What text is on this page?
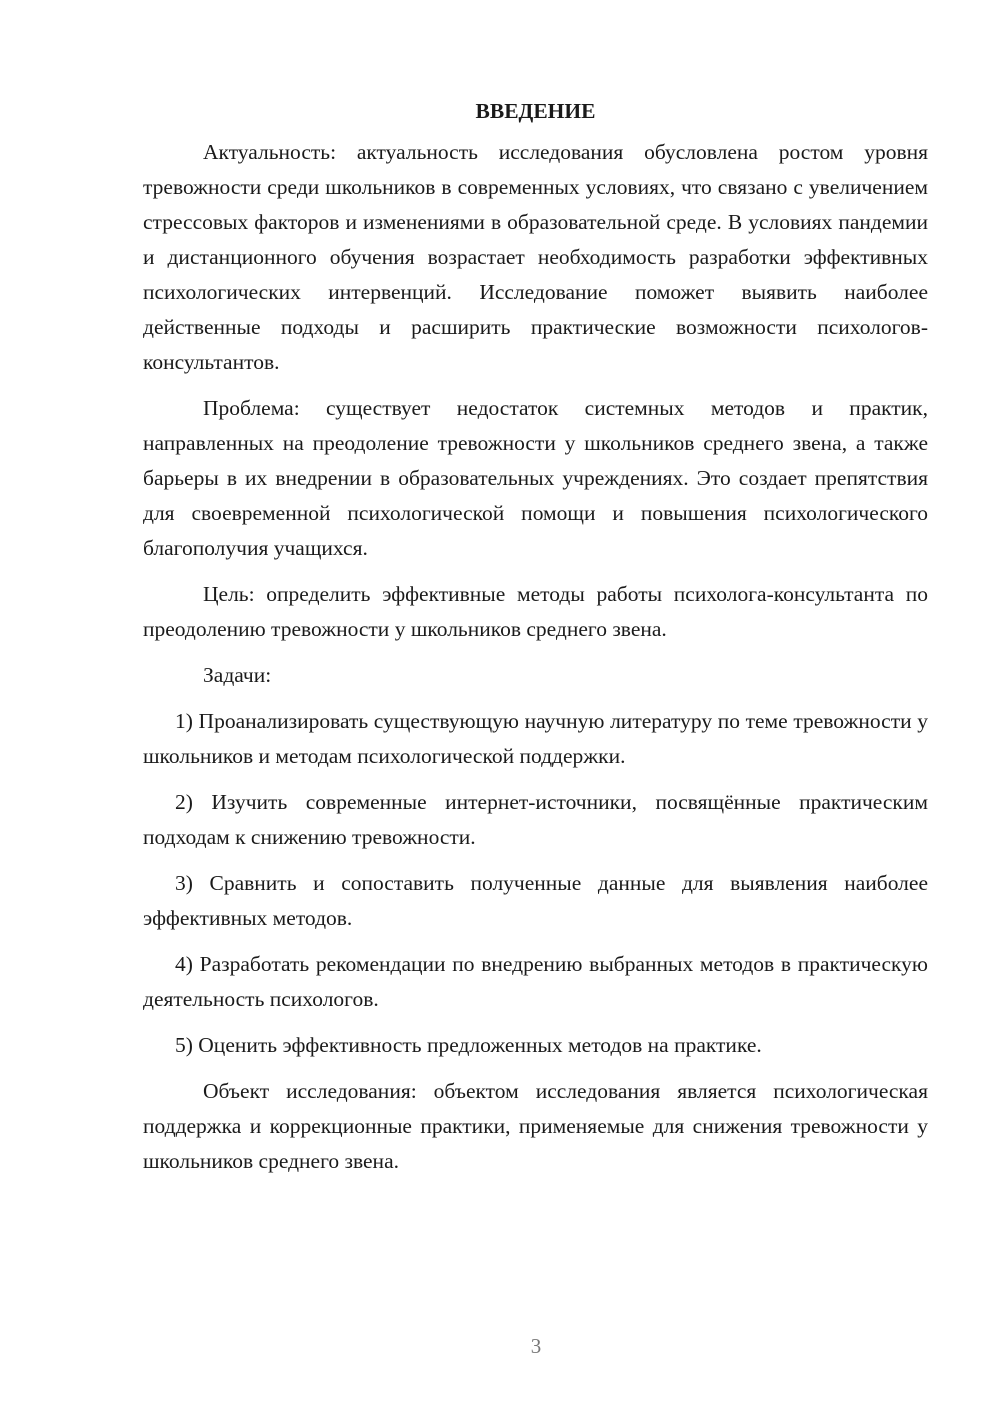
ВВЕДЕНИЕ

Актуальность: актуальность исследования обусловлена ростом уровня тревожности среди школьников в современных условиях, что связано с увеличением стрессовых факторов и изменениями в образовательной среде. В условиях пандемии и дистанционного обучения возрастает необходимость разработки эффективных психологических интервенций. Исследование поможет выявить наиболее действенные подходы и расширить практические возможности психологов-консультантов.

Проблема: существует недостаток системных методов и практик, направленных на преодоление тревожности у школьников среднего звена, а также барьеры в их внедрении в образовательных учреждениях. Это создает препятствия для своевременной психологической помощи и повышения психологического благополучия учащихся.

Цель: определить эффективные методы работы психолога-консультанта по преодолению тревожности у школьников среднего звена.

Задачи:

1) Проанализировать существующую научную литературу по теме тревожности у школьников и методам психологической поддержки.

2) Изучить современные интернет-источники, посвящённые практическим подходам к снижению тревожности.

3) Сравнить и сопоставить полученные данные для выявления наиболее эффективных методов.

4) Разработать рекомендации по внедрению выбранных методов в практическую деятельность психологов.

5) Оценить эффективность предложенных методов на практике.

Объект исследования: объектом исследования является психологическая поддержка и коррекционные практики, применяемые для снижения тревожности у школьников среднего звена.

3
